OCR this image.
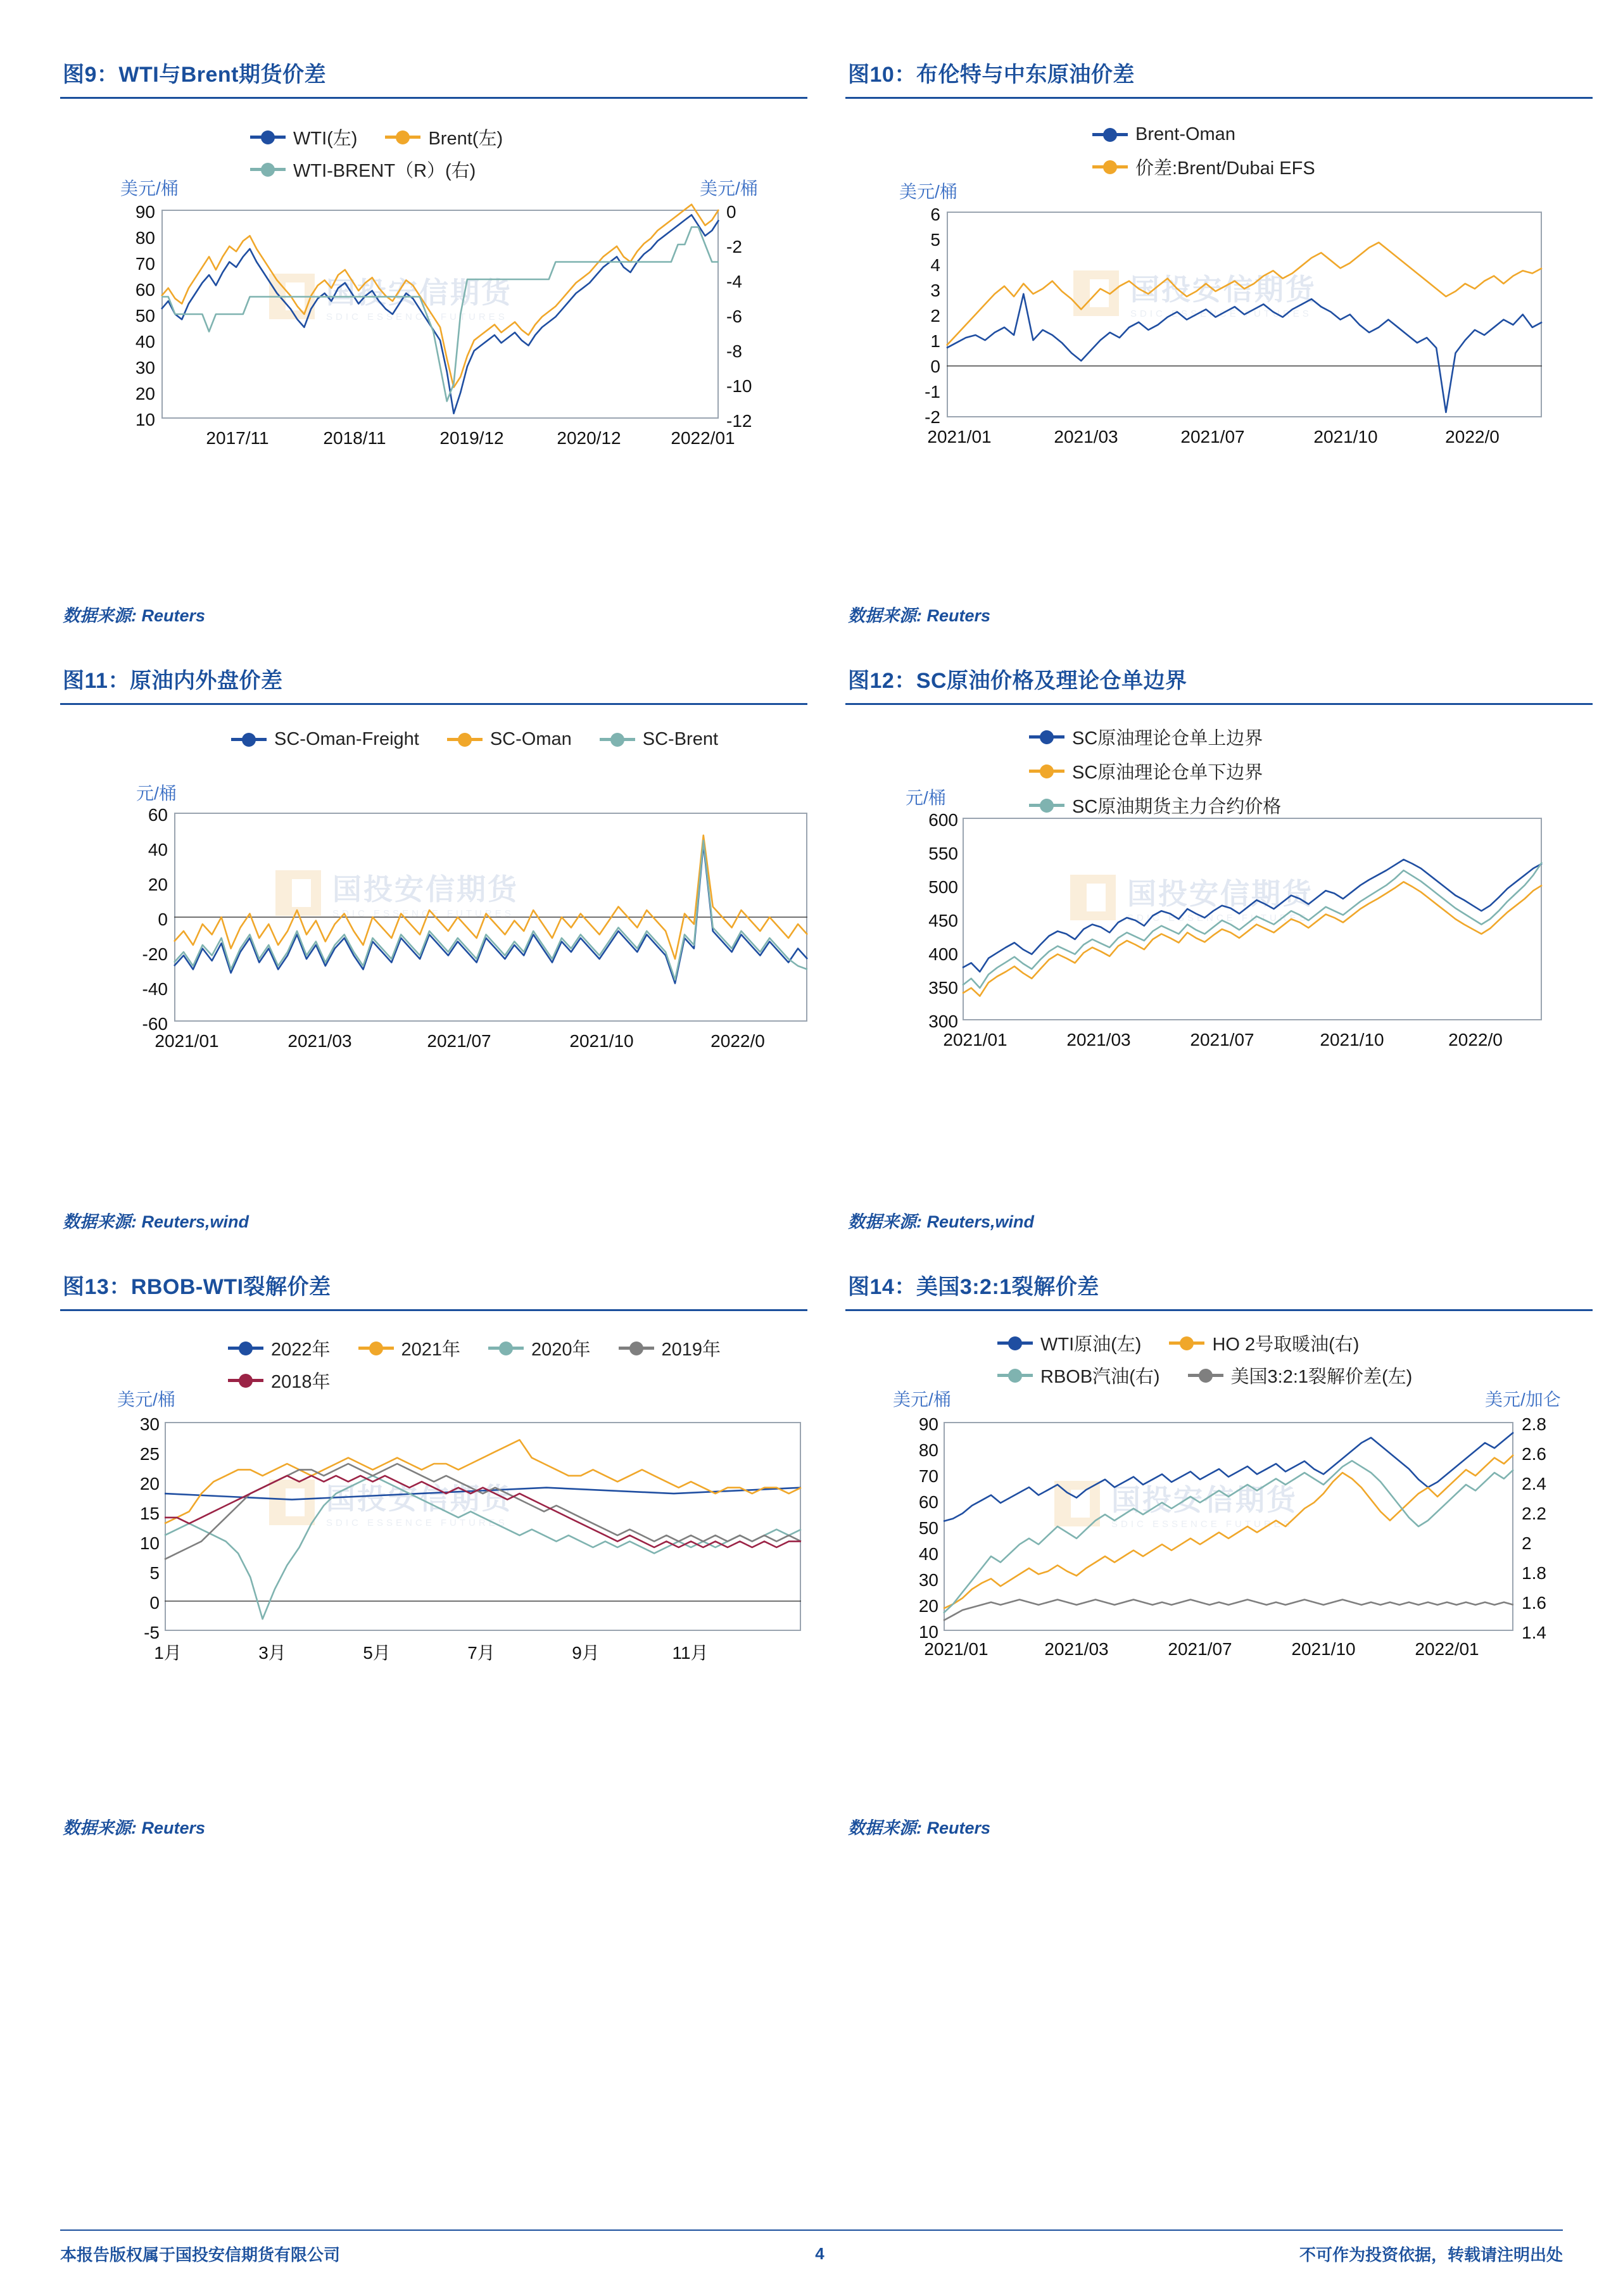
图9：WTI与Brent期货价差
WTI(左)	Brent(左)
WTI-BRENT（R）(右)
美元/桶	美元/桶
90
80
70
60
50
40
30
20
10
0
-2
-4
-6
-8
-10
-12
2017/11	2018/11	2019/12	2020/12	2022/01
国投安信期货
SDIC ESSENCE FUTURES
数据来源: Reuters
图10：布伦特与中东原油价差
Brent-Oman
价差:Brent/Dubai EFS
美元/桶
6
5
4
3
2
1
0
-1
-2
2021/01	2021/03	2021/07	2021/10	2022/0
国投安信期货
SDIC ESSENCE FUTURES
数据来源: Reuters
图11：原油内外盘价差
SC-Oman-Freight	SC-Oman	SC-Brent
元/桶
60
40
20
0
-20
-40
-60
2021/01	2021/03	2021/07	2021/10	2022/0
国投安信期货
SDIC ESSENCE FUTURES
数据来源: Reuters,wind
图12：SC原油价格及理论仓单边界
SC原油理论仓单上边界
SC原油理论仓单下边界
SC原油期货主力合约价格
元/桶
600
550
500
450
400
350
300
2021/01	2021/03	2021/07	2021/10	2022/0
国投安信期货
SDIC ESSENCE FUTURES
数据来源: Reuters,wind
图13：RBOB-WTI裂解价差
2022年	2021年	2020年	2019年
2018年
美元/桶
30
25
20
15
10
5
0
-5
1月	3月	5月	7月	9月	11月
国投安信期货
SDIC ESSENCE FUTURES
数据来源: Reuters
图14：美国3:2:1裂解价差
WTI原油(左)	HO 2号取暖油(右)
RBOB汽油(右)	美国3:2:1裂解价差(左)
美元/桶	美元/加仑
90
80
70
60
50
40
30
20
10
2.8
2.6
2.4
2.2
2
1.8
1.6
1.4
2021/01	2021/03	2021/07	2021/10	2022/01
国投安信期货
SDIC ESSENCE FUTURES
数据来源: Reuters
本报告版权属于国投安信期货有限公司	4	不可作为投资依据，转载请注明出处
